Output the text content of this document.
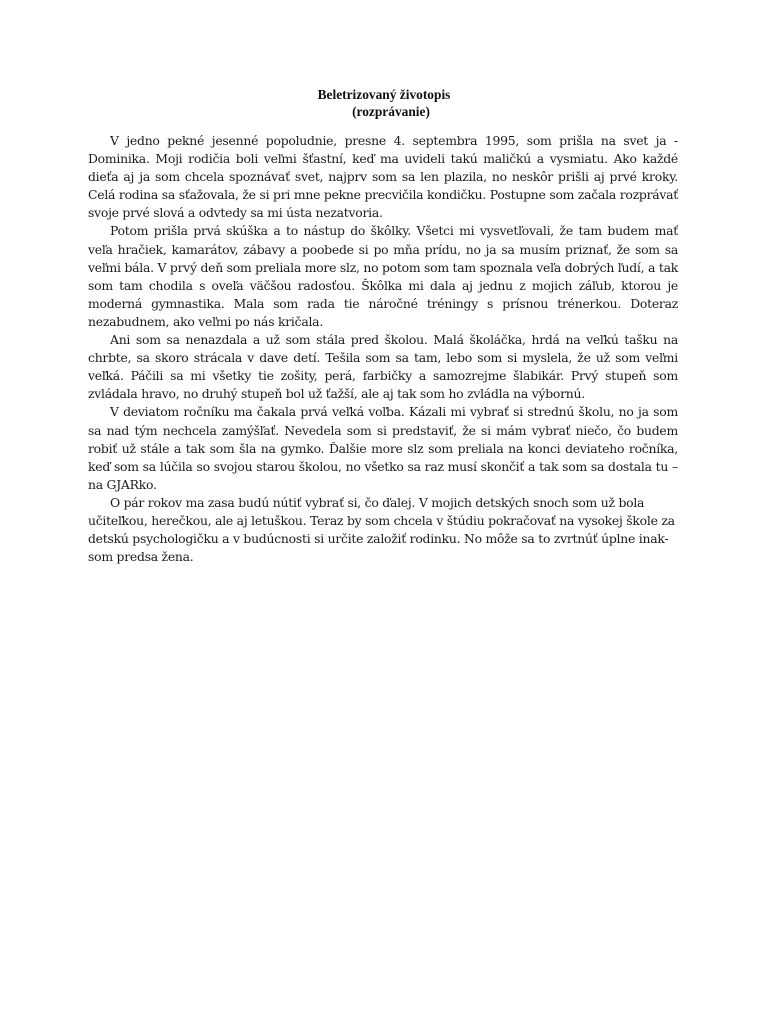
Beletrizovaný životopis
(rozprávanie)

V jedno pekné jesenné popoludnie, presne 4. septembra 1995, som prišla na svet ja - Dominika. Moji rodičia boli veľmi šťastní, keď ma uvideli takú maličkú a vysmiatu. Ako každé dieťa aj ja som chcela spoznávať svet, najprv som sa len plazila, no neskôr prišli aj prvé kroky. Celá rodina sa sťažovala, že si pri mne pekne precvičila kondičku. Postupne som začala rozprávať svoje prvé slová a odvtedy sa mi ústa nezatvoria.

Potom prišla prvá skúška a to nástup do škôlky. Všetci mi vysvetľovali, že tam budem mať veľa hračiek, kamarátov, zábavy a poobede si po mňa prídu, no ja sa musím priznať, že som sa veľmi bála. V prvý deň som preliala more slz, no potom som tam spoznala veľa dobrých ľudí, a tak som tam chodila s oveľa väčšou radosťou. Škôlka mi dala aj jednu z mojich záľub, ktorou je moderná gymnastika. Mala som rada tie náročné tréningy s prísnou trénerkou. Doteraz nezabudnem, ako veľmi po nás kričala.

Ani som sa nenazdala a už som stála pred školou. Malá školáčka, hrdá na veľkú tašku na chrbte, sa skoro strácala v dave detí. Tešila som sa tam, lebo som si myslela, že už som veľmi veľká. Páčili sa mi všetky tie zošity, perá, farbičky a samozrejme šlabikár. Prvý stupeň som zvládala hravo, no druhý stupeň bol už ťažší, ale aj tak som ho zvládla na výbornú.

V deviatom ročníku ma čakala prvá veľká voľba. Kázali mi vybrať si strednú školu, no ja som sa nad tým nechcela zamýšľať. Nevedela som si predstaviť, že si mám vybrať niečo, čo budem robiť už stále a tak som šla na gymko. Ďalšie more slz som preliala na konci deviateho ročníka, keď som sa lúčila so svojou starou školou, no všetko sa raz musí skončiť a tak som sa dostala tu – na GJARko.

O pár rokov ma zasa budú nútiť vybrať si, čo ďalej. V mojich detských snoch som už bola učiteľkou, herečkou, ale aj letuškou. Teraz by som chcela v štúdiu pokračovať na vysokej škole za detskú psychologičku a v budúcnosti si určite založiť rodinku. No môže sa to zvrtnúť úplne inak- som predsa žena.
